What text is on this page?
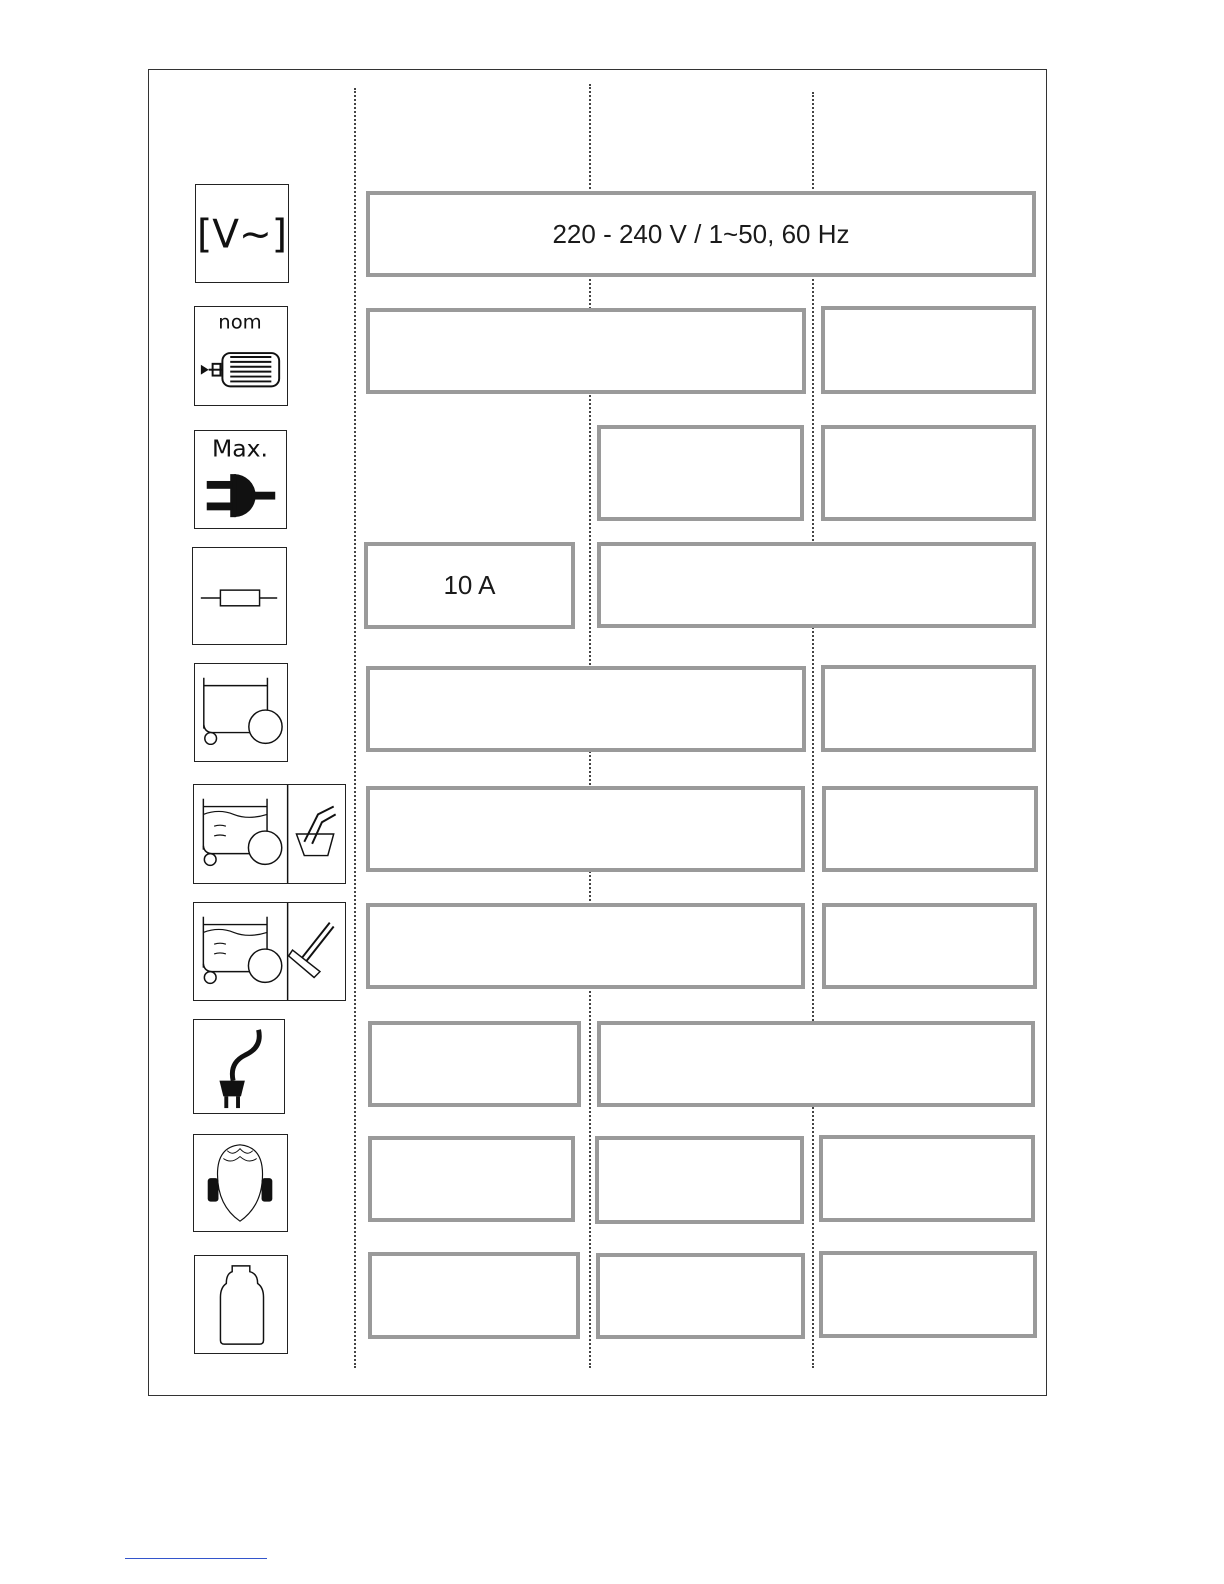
[V~]	220 - 240 V / 1~50, 60 Hz
nom
Max.
10 A
